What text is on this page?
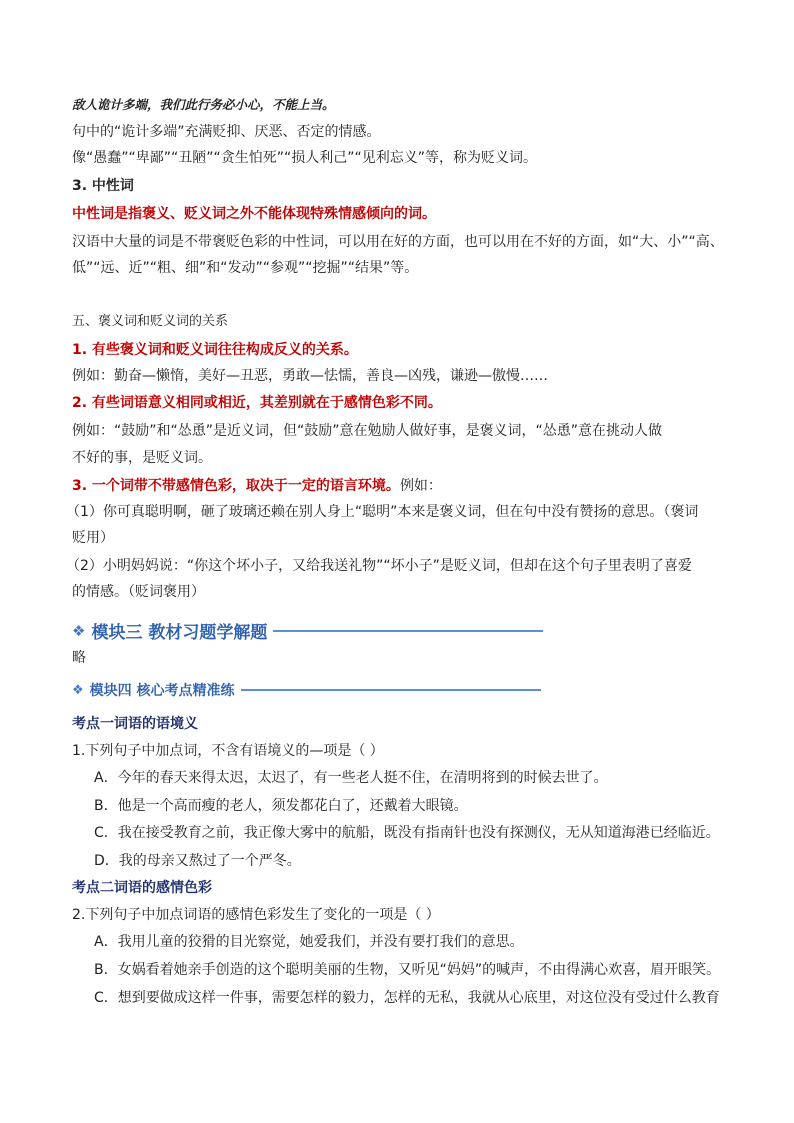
敌人诡计多端，我们此行务必小心，不能上当。
句中的“诡计多端”充满贬抑、厌恶、否定的情感。
像“愚蠢”“卑鄙”“丑陋”“贪生怕死”“损人利己”“见利忘义”等，称为贬义词。
3. 中性词
中性词是指褒义、贬义词之外不能体现特殊情感倾向的词。
汉语中大量的词是不带褒贬色彩的中性词，可以用在好的方面，也可以用在不好的方面，如“大、小”“高、
低”“远、近”“粗、细”和“发动”“参观”“挖掘”“结果”等。
五、褒义词和贬义词的关系
1. 有些褒义词和贬义词往往构成反义的关系。
例如：勤奋—懒惰，美好—丑恶，勇敢—怯懦，善良—凶残，谦逊—傲慢……
2. 有些词语意义相同或相近，其差别就在于感情色彩不同。
例如：“鼓励”和“怂恿”是近义词，但“鼓励”意在勉励人做好事，是褒义词，“怂恿”意在挑动人做
不好的事，是贬义词。
3. 一个词带不带感情色彩，取决于一定的语言环境。例如：
（1）你可真聪明啊，砸了玻璃还赖在别人身上“聪明”本来是褒义词，但在句中没有赞扬的意思。（褒词
贬用）
（2）小明妈妈说：“你这个坏小子，又给我送礼物”“坏小子”是贬义词，但却在这个句子里表明了喜爱
的情感。（贬词褒用）
❖ 模块三 教材习题学解题
略
❖ 模块四 核心考点精准练
考点一词语的语境义
1.下列句子中加点词，不含有语境义的—项是（ ）
A．今年的春天来得太迟，太迟了，有一些老人挺不住，在清明将到的时候去世了。
B．他是一个高而瘦的老人，须发都花白了，还戴着大眼镜。
C．我在接受教育之前，我正像大雾中的航船，既没有指南针也没有探测仪，无从知道海港已经临近。
D．我的母亲又熬过了一个严冬。
考点二词语的感情色彩
2.下列句子中加点词语的感情色彩发生了变化的一项是（ ）
A．我用儿童的狡猾的目光察觉，她爱我们，并没有要打我们的意思。
B．女娲看着她亲手创造的这个聪明美丽的生物，又听见“妈妈”的喊声，不由得满心欢喜，眉开眼笑。
C．想到要做成这样一件事，需要怎样的毅力，怎样的无私，我就从心底里，对这位没有受过什么教育
